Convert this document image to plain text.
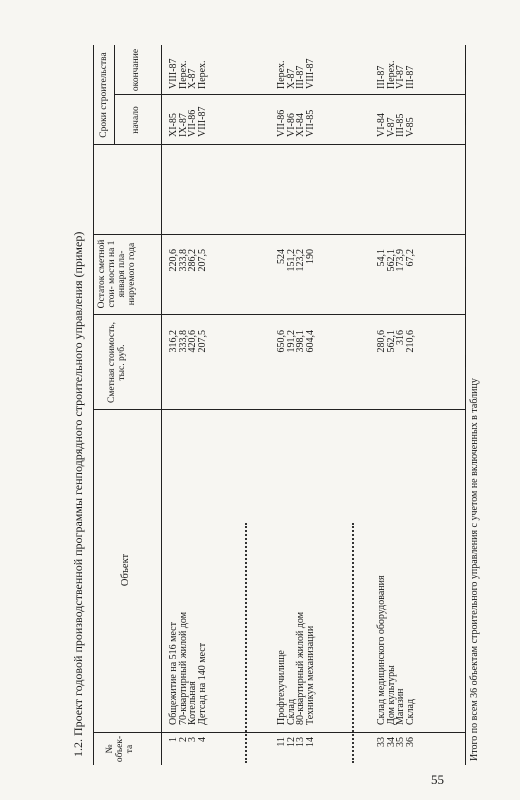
1.2. Проект годовой производственной программы генподрядного строительного управления (пример) № объек- та
Объект
Сметная стоимость, тыс. руб.
Остаток сметной стои- мости на 1 января пла- нируемого года
Сроки строительства начало
окончание
1
2
3
4
Общежитие на 516 мест
70-квартирный жилой дом
Котельная
Детсад на 140 мест
316,2
333,8
420,6
207,5
220,6
333,8
286,2
207,5
XI-85
IX-87
VII-86
VIII-87
VIII-87
Перех.
X-87
Перех.
11
12
13
14
Профтехучилище
Склад
80-квартирный жилой дом
Техникум механизации
650,6
191,2
398,1
604,4
524
151,2
123,2
190
VII-86
VI-86
XI-84
VII-85
Перех.
X-87
III-87
VIII-87
33
34
35
36
Склад медицинского оборудования
Дом культуры
Магазин
Склад
280,6
562,1
316
210,6
54,1
562,1
173,9
67,2
VI-84
V-87
III-85
V-85
III-87
Перех.
VI-87
III-87
—
—
—
—
Итого по всем 36 объектам строительного управления с учетом не включенных в таблицу
55
